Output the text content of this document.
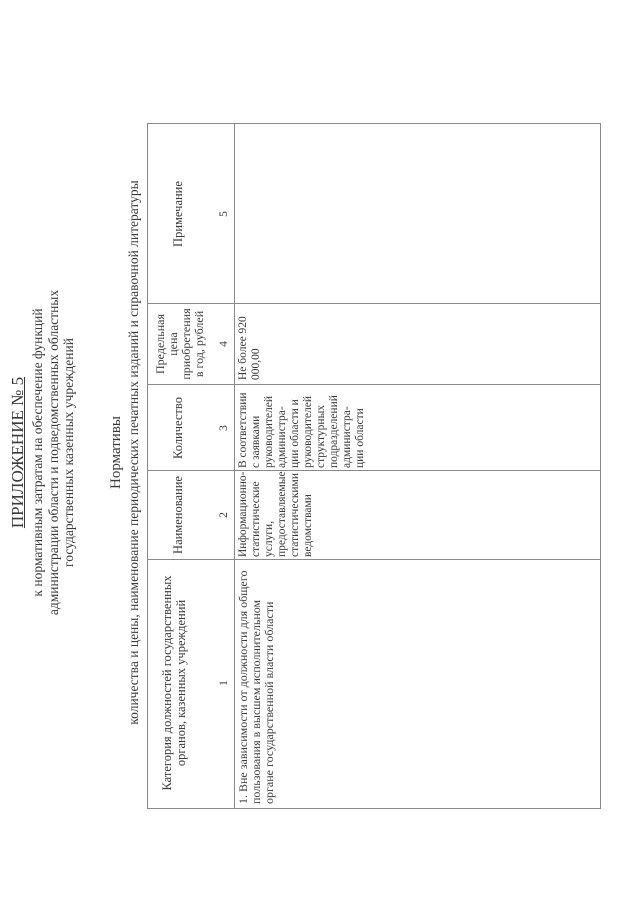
ПРИЛОЖЕНИЕ № 5 к нормативным затратам на обеспечение функций администрации области и подведомственных областных государственных казенных учреждений Нормативы количества и цены, наименование периодических печатных изданий и справочной литературы Категория должностей государственных органов, казенных учреждений
Наименование
Количество
Предельная цена приобретения в год, рублей
Примечание
1
2
3
4
5
1. Вне зависимости от должности для общего пользования в высшем исполнительном органе государственной власти области
Информационно-статистические услуги, предоставляемые статистическими ведомствами
В соответствии с заявками руководителей администра-ции области и руководителей структурных подразделений администра-ции области
Не более 920 000,00
